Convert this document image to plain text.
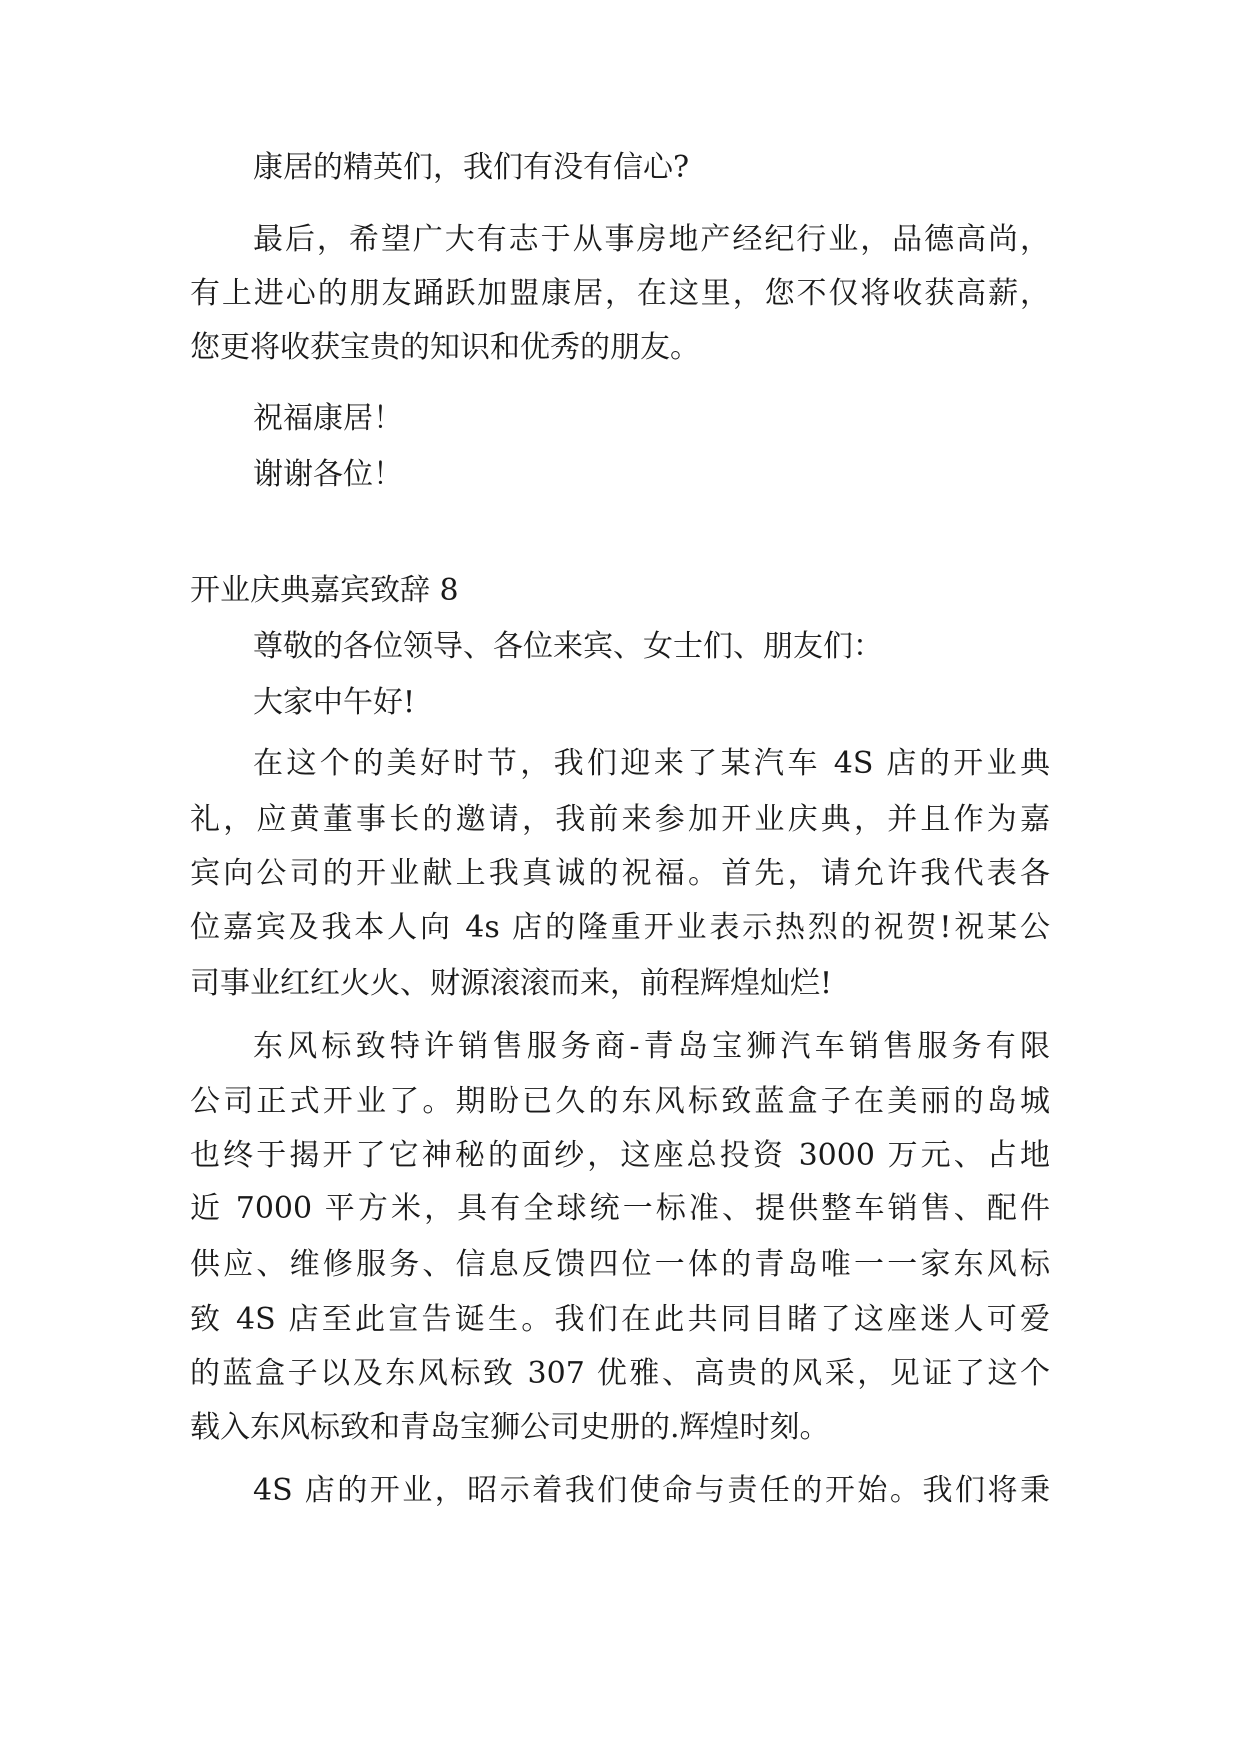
康居的精英们，我们有没有信心?
最后，希望广大有志于从事房地产经纪行业，品德高尚，
有上进心的朋友踊跃加盟康居，在这里，您不仅将收获高薪，
您更将收获宝贵的知识和优秀的朋友。
祝福康居！
谢谢各位！
开业庆典嘉宾致辞 8
尊敬的各位领导、各位来宾、女士们、朋友们：
大家中午好!
在这个的美好时节，我们迎来了某汽车 4S 店的开业典
礼，应黄董事长的邀请，我前来参加开业庆典，并且作为嘉
宾向公司的开业献上我真诚的祝福。首先，请允许我代表各
位嘉宾及我本人向 4s 店的隆重开业表示热烈的祝贺!祝某公
司事业红红火火、财源滚滚而来，前程辉煌灿烂!
东风标致特许销售服务商-青岛宝狮汽车销售服务有限
公司正式开业了。期盼已久的东风标致蓝盒子在美丽的岛城
也终于揭开了它神秘的面纱，这座总投资 3000 万元、占地
近 7000 平方米，具有全球统一标准、提供整车销售、配件
供应、维修服务、信息反馈四位一体的青岛唯一一家东风标
致 4S 店至此宣告诞生。我们在此共同目睹了这座迷人可爱
的蓝盒子以及东风标致 307 优雅、高贵的风采，见证了这个
载入东风标致和青岛宝狮公司史册的.辉煌时刻。
4S 店的开业，昭示着我们使命与责任的开始。我们将秉
